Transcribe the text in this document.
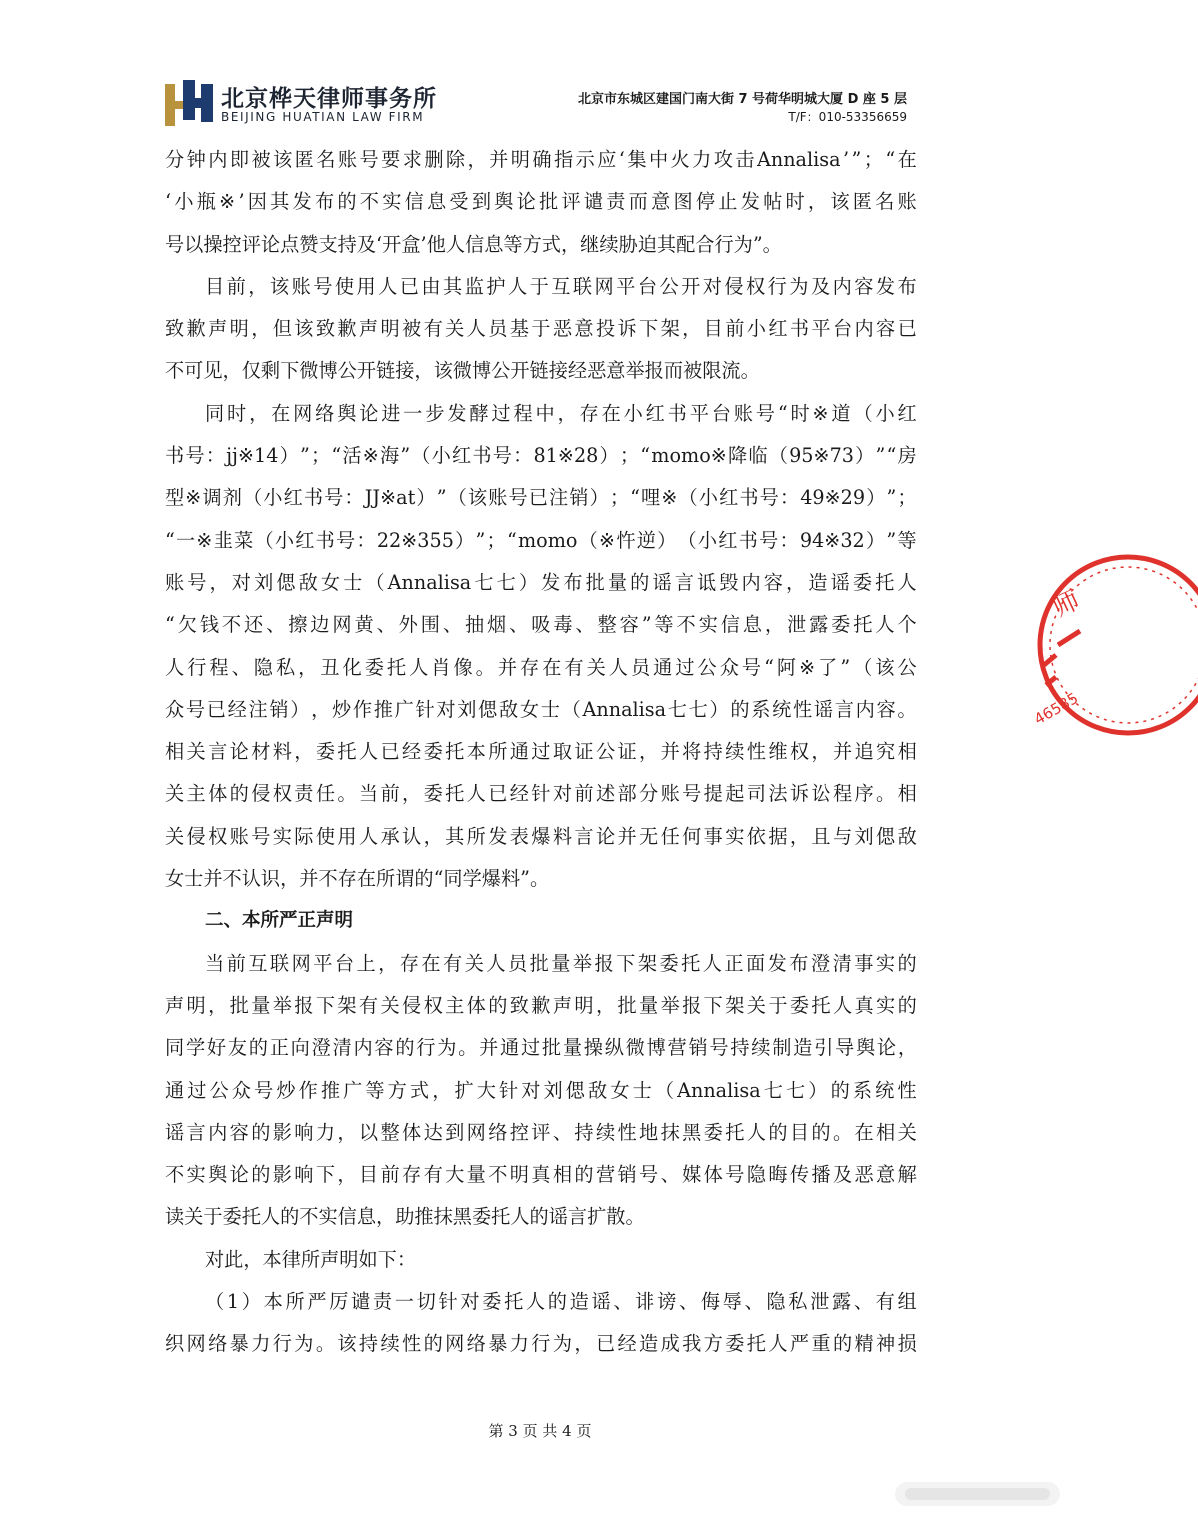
北京桦天律师事务所
BEIJING HUATIAN LAW FIRM
北京市东城区建国门南大街 7 号荷华明城大厦 D 座 5 层
T/F：010-53356659
分 钟 内 即 被 该 匿 名 账 号 要 求 删 除 ， 并 明 确 指 示 应 ‘ 集 中 火 力 攻 击 Annalisa ’ ” ； “ 在
‘ 小 瓶 ※ ’ 因 其 发 布 的 不 实 信 息 受 到 舆 论 批 评 谴 责 而 意 图 停 止 发 帖 时 ， 该 匿 名 账
号以操控评论点赞支持及‘开盒’他人信息等方式，继续胁迫其配合行为”。
目 前 ， 该 账 号 使 用 人 已 由 其 监 护 人 于 互 联 网 平 台 公 开 对 侵 权 行 为 及 内 容 发 布
致 歉 声 明 ， 但 该 致 歉 声 明 被 有 关 人 员 基 于 恶 意 投 诉 下 架 ， 目 前 小 红 书 平 台 内 容 已
不可见，仅剩下微博公开链接，该微博公开链接经恶意举报而被限流。
同 时 ， 在 网 络 舆 论 进 一 步 发 酵 过 程 中 ， 存 在 小 红 书 平 台 账 号 “ 时 ※ 道 （ 小 红
书 号 ： jj※14 ） ” ； “ 活 ※ 海 ” （ 小 红 书 号 ： 81※28 ） ； “ momo※ 降 临 （ 95※73 ） ” “ 房
型 ※ 调 剂 （ 小 红 书 号 ： JJ※at ） ” （ 该 账 号 已 注 销 ） ； “ 哩 ※ （ 小 红 书 号 ： 49※29 ） ” ；
“ 一 ※ 韭 菜 （ 小 红 书 号 ： 22※355 ） ” ； “ momo （ ※ 忤 逆 ） （ 小 红 书 号 ： 94※32 ） ” 等
账 号 ， 对 刘 偲 敌 女 士 （ Annalisa 七 七 ） 发 布 批 量 的 谣 言 诋 毁 内 容 ， 造 谣 委 托 人
“ 欠 钱 不 还 、 擦 边 网 黄 、 外 围 、 抽 烟 、 吸 毒 、 整 容 ” 等 不 实 信 息 ， 泄 露 委 托 人 个
人 行 程 、 隐 私 ， 丑 化 委 托 人 肖 像 。 并 存 在 有 关 人 员 通 过 公 众 号 “ 阿 ※ 了 ” （ 该 公
众 号 已 经 注 销 ） ， 炒 作 推 广 针 对 刘 偲 敌 女 士 （ Annalisa 七 七 ） 的 系 统 性 谣 言 内 容 。
相 关 言 论 材 料 ， 委 托 人 已 经 委 托 本 所 通 过 取 证 公 证 ， 并 将 持 续 性 维 权 ， 并 追 究 相
关 主 体 的 侵 权 责 任 。 当 前 ， 委 托 人 已 经 针 对 前 述 部 分 账 号 提 起 司 法 诉 讼 程 序 。 相
关 侵 权 账 号 实 际 使 用 人 承 认 ， 其 所 发 表 爆 料 言 论 并 无 任 何 事 实 依 据 ， 且 与 刘 偲 敌
女士并不认识，并不存在所谓的“同学爆料”。
二、本所严正声明
当 前 互 联 网 平 台 上 ， 存 在 有 关 人 员 批 量 举 报 下 架 委 托 人 正 面 发 布 澄 清 事 实 的
声 明 ， 批 量 举 报 下 架 有 关 侵 权 主 体 的 致 歉 声 明 ， 批 量 举 报 下 架 关 于 委 托 人 真 实 的
同 学 好 友 的 正 向 澄 清 内 容 的 行 为 。 并 通 过 批 量 操 纵 微 博 营 销 号 持 续 制 造 引 导 舆 论 ，
通 过 公 众 号 炒 作 推 广 等 方 式 ， 扩 大 针 对 刘 偲 敌 女 士 （ Annalisa 七 七 ） 的 系 统 性
谣 言 内 容 的 影 响 力 ， 以 整 体 达 到 网 络 控 评 、 持 续 性 地 抹 黑 委 托 人 的 目 的 。 在 相 关
不 实 舆 论 的 影 响 下 ， 目 前 存 有 大 量 不 明 真 相 的 营 销 号 、 媒 体 号 隐 晦 传 播 及 恶 意 解
读关于委托人的不实信息，助推抹黑委托人的谣言扩散。
对此，本律所声明如下：
（ 1 ） 本 所 严 厉 谴 责 一 切 针 对 委 托 人 的 造 谣 、 诽 谤 、 侮 辱 、 隐 私 泄 露 、 有 组
织 网 络 暴 力 行 为 。 该 持 续 性 的 网 络 暴 力 行 为 ， 已 经 造 成 我 方 委 托 人 严 重 的 精 神 损
第 3 页 共 4 页
师
46585
